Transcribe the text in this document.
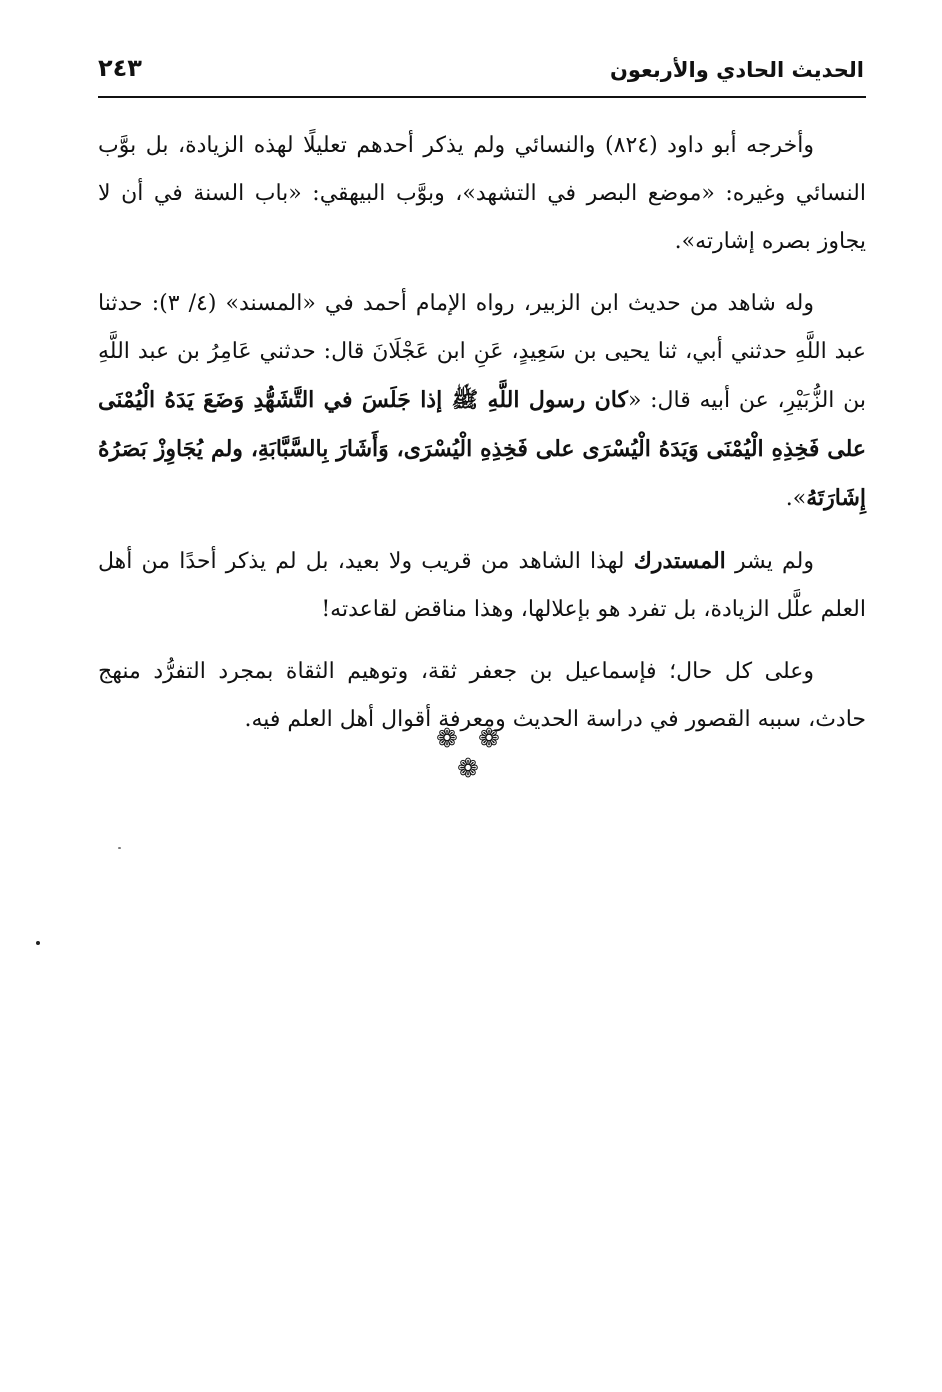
الحديث الحادي والأربعون
٢٤٣

وأخرجه أبو داود (٨٢٤) والنسائي ولم يذكر أحدهم تعليلًا لهذه الزيادة، بل بوَّب النسائي وغيره: «موضع البصر في التشهد»، وبوَّب البيهقي: «باب السنة في أن لا يجاوز بصره إشارته».

وله شاهد من حديث ابن الزبير، رواه الإمام أحمد في «المسند» (٤/ ٣): حدثنا عبد اللَّهِ حدثني أبي، ثنا يحيى بن سَعِيدٍ، عَنِ ابن عَجْلَانَ قال: حدثني عَامِرُ بن عبد اللَّهِ بن الزُّبَيْرِ، عن أبيه قال: «كان رسول اللَّهِ ﷺ إذا جَلَسَ في التَّشَهُّدِ وَضَعَ يَدَهُ الْيُمْنَى على فَخِذِهِ الْيُمْنَى وَيَدَهُ الْيُسْرَى على فَخِذِهِ الْيُسْرَى، وَأَشَارَ بِالسَّبَّابَةِ، ولم يُجَاوِزْ بَصَرُهُ إِشَارَتَهُ».

ولم يشر المستدرك لهذا الشاهد من قريب ولا بعيد، بل لم يذكر أحدًا من أهل العلم علَّل الزيادة، بل تفرد هو بإعلالها، وهذا مناقض لقاعدته!

وعلى كل حال؛ فإسماعيل بن جعفر ثقة، وتوهيم الثقاة بمجرد التفرُّد منهج حادث، سببه القصور في دراسة الحديث ومعرفة أقوال أهل العلم فيه.

❁ ❁ ❁
